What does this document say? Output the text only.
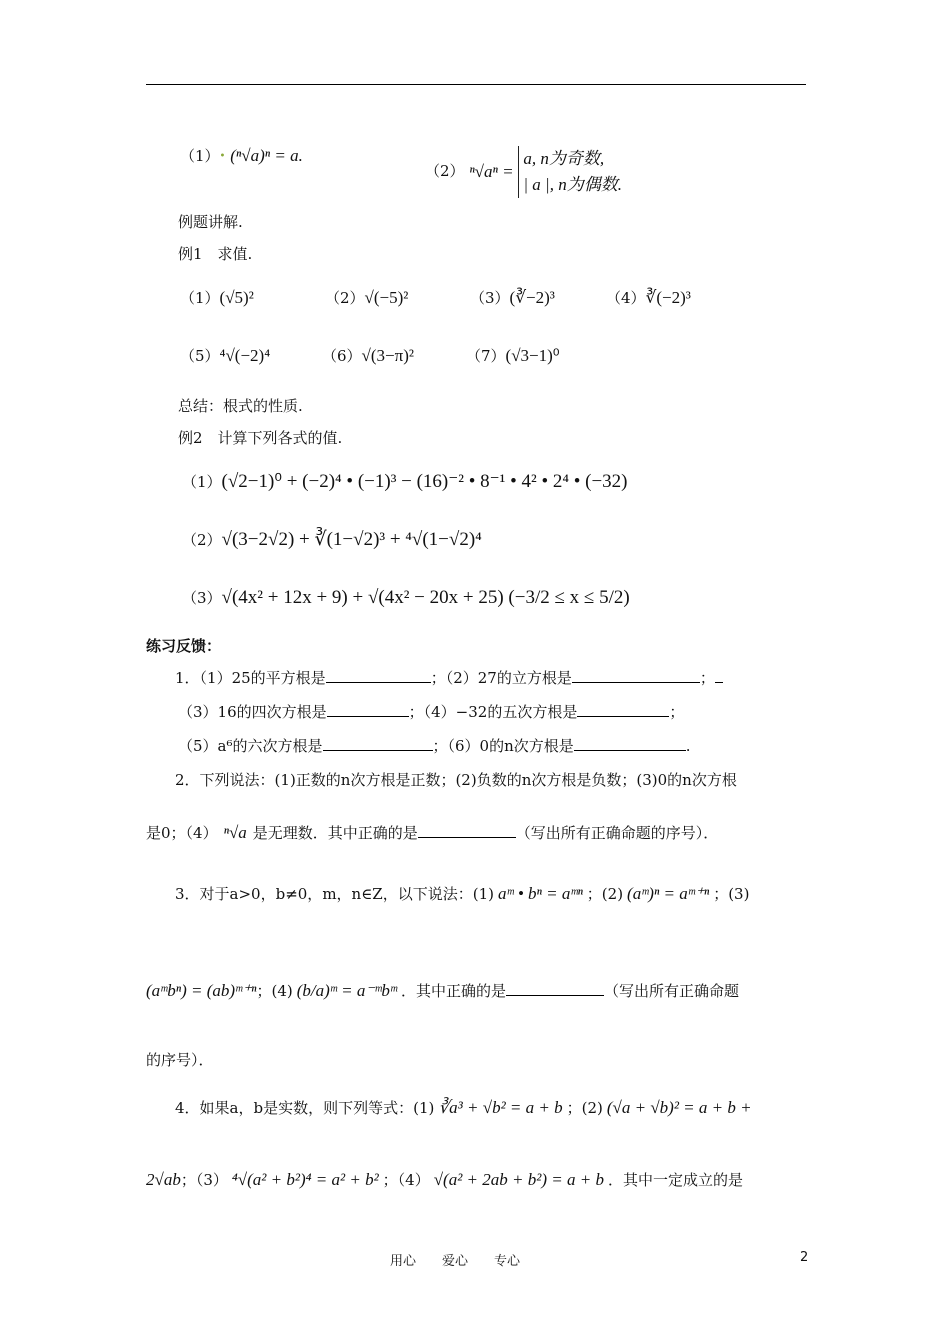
（1）• (ⁿ√a)ⁿ = a.
（2） ⁿ√aⁿ = a, n为奇数,
| a |, n为偶数.
例题讲解.
例1　求值.
（1）(√5)²	（2）√(−5)²	（3）(∛−2)³	（4）∛(−2)³
（5）⁴√(−2)⁴	（6）√(3−π)²	（7）(√3−1)⁰
总结：根式的性质.
例2　计算下列各式的值.
（1）(√2−1)⁰ + (−2)⁴ • (−1)³ − (16)⁻² • 8⁻¹ • 4² • 2⁴ • (−32)
（2）√(3−2√2) + ∛(1−√2)³ + ⁴√(1−√2)⁴
（3）√(4x² + 12x + 9) + √(4x² − 20x + 25) (−3/2 ≤ x ≤ 5/2)
练习反馈：
1．（1）25的平方根是	；（2）27的立方根是	；
（3）16的四次方根是	；（4）−32的五次方根是	；
（5）a⁶的六次方根是	；（6）0的n次方根是	.
2．下列说法：(1)正数的n次方根是正数；(2)负数的n次方根是负数；(3)0的n次方根
是0；（4） ⁿ√a 是无理数．其中正确的是	（写出所有正确命题的序号）．
3．对于a>0，b≠0，m，n∈Z，以下说法：(1) aᵐ • bⁿ = aᵐⁿ ；(2) (aᵐ)ⁿ = aᵐ⁺ⁿ ；(3)
(aᵐbⁿ) = (ab)ᵐ⁺ⁿ；(4) (b/a)ᵐ = a⁻ᵐbᵐ ．其中正确的是	（写出所有正确命题
的序号）．
4．如果a，b是实数，则下列等式：(1) ∛a³ + √b² = a + b ；(2) (√a + √b)² = a + b +
2√ab；（3） ⁴√(a² + b²)⁴ = a² + b² ；（4） √(a² + 2ab + b²) = a + b ．其中一定成立的是
用心　　爱心　　专心	2
